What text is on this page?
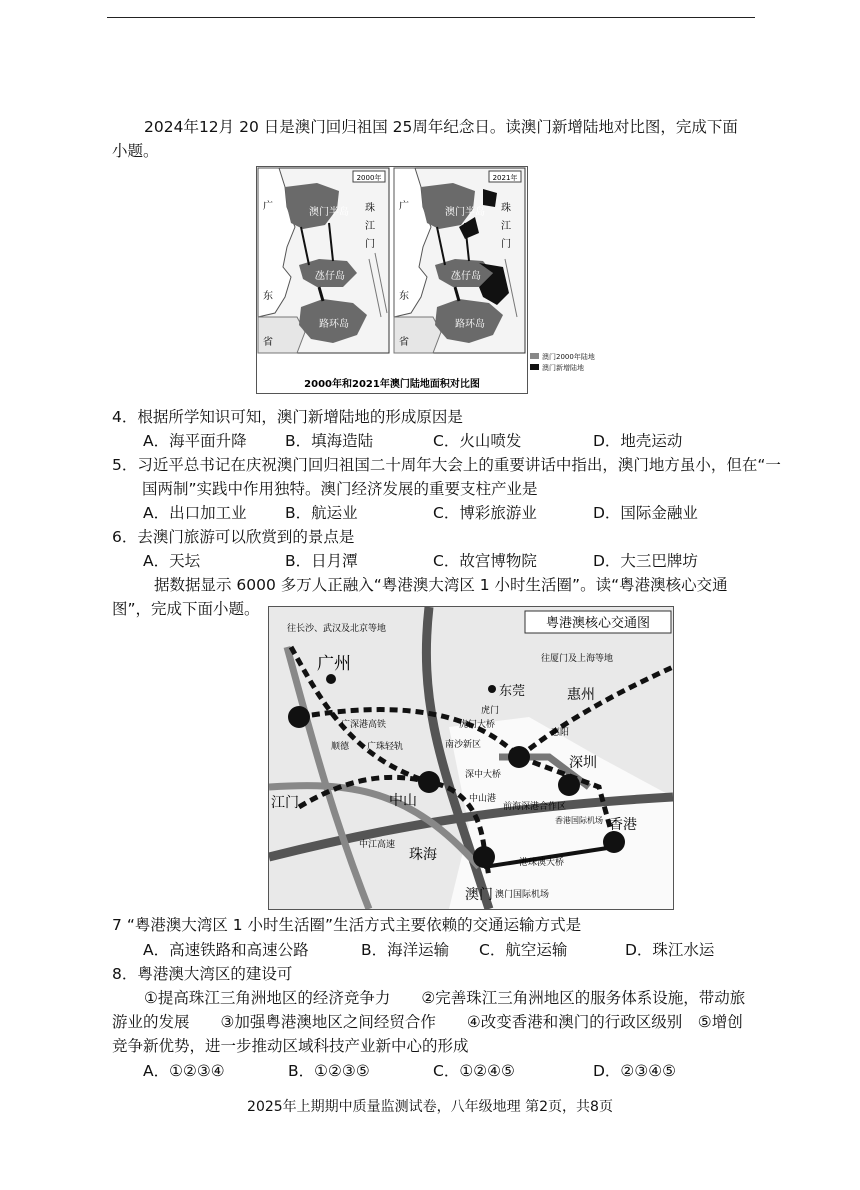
2024年12月 20 日是澳门回归祖国 25周年纪念日。读澳门新增陆地对比图，完成下面小题。

2000年
澳门半岛
氹仔岛
路环岛
广
东
省
珠
江
门
2021年
澳门半岛
氹仔岛
路环岛
广
东
省
珠
江
门
2000年和2021年澳门陆地面积对比图
澳门2000年陆地
澳门新增陆地

4．根据所学知识可知，澳门新增陆地的形成原因是

A．海平面升降 B．填海造陆	C．火山喷发	D．地壳运动

5．习近平总书记在庆祝澳门回归祖国二十周年大会上的重要讲话中指出，澳门地方虽小，但在“一国两制”实践中作用独特。澳门经济发展的重要支柱产业是

A．出口加工业 B．航运业	C．博彩旅游业	D．国际金融业

6．去澳门旅游可以欣赏到的景点是

A．天坛	B．日月潭	C．故宫博物院	D．大三巴牌坊

据数据显示 6000 多万人正融入“粤港澳大湾区 1 小时生活圈”。读“粤港澳核心交通图”，完成下面小题。

粤港澳核心交通图
广州
东莞	惠州
深圳
中山
江门
珠海
香港
澳门
惠阳
顺德
虎门
南沙新区
往长沙、武汉及北京等地
往厦门及上海等地
广深港高铁
广珠轻轨
中江高速
港珠澳大桥
虎门大桥
深中大桥
前海深港合作区
香港国际机场
澳门国际机场
中山港

7 “粤港澳大湾区 1 小时生活圈”生活方式主要依赖的交通运输方式是

A．高速铁路和高速公路	B．海洋运输 C．航空运输	D．珠江水运

8．粤港澳大湾区的建设可

①提高珠江三角洲地区的经济竞争力　　②完善珠江三角洲地区的服务体系设施，带动旅游业的发展　　③加强粤港澳地区之间经贸合作　　④改变香港和澳门的行政区级别　⑤增创竞争新优势，进一步推动区域科技产业新中心的形成

A．①②③④	B．①②③⑤	C．①②④⑤	D．②③④⑤
2025年上期期中质量监测试卷，八年级地理 第2页，共8页
